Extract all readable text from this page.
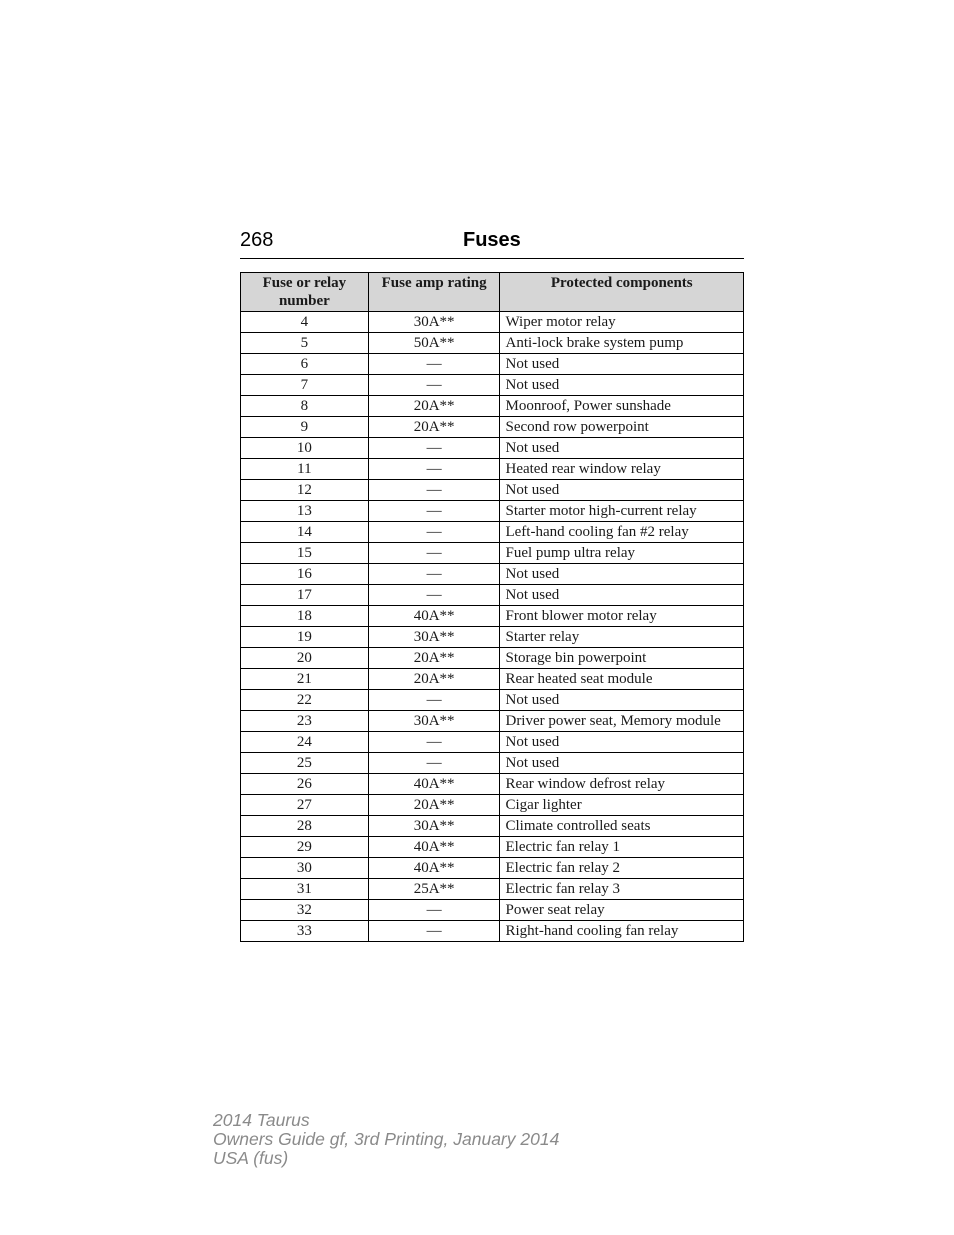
268	Fuses
Fuse or relay number	Fuse amp rating	Protected components
4	30A**	Wiper motor relay
5	50A**	Anti-lock brake system pump
6	—	Not used
7	—	Not used
8	20A**	Moonroof, Power sunshade
9	20A**	Second row powerpoint
10	—	Not used
11	—	Heated rear window relay
12	—	Not used
13	—	Starter motor high-current relay
14	—	Left-hand cooling fan #2 relay
15	—	Fuel pump ultra relay
16	—	Not used
17	—	Not used
18	40A**	Front blower motor relay
19	30A**	Starter relay
20	20A**	Storage bin powerpoint
21	20A**	Rear heated seat module
22	—	Not used
23	30A**	Driver power seat, Memory module
24	—	Not used
25	—	Not used
26	40A**	Rear window defrost relay
27	20A**	Cigar lighter
28	30A**	Climate controlled seats
29	40A**	Electric fan relay 1
30	40A**	Electric fan relay 2
31	25A**	Electric fan relay 3
32	—	Power seat relay
33	—	Right-hand cooling fan relay
2014 Taurus
Owners Guide gf, 3rd Printing, January 2014
USA (fus)
